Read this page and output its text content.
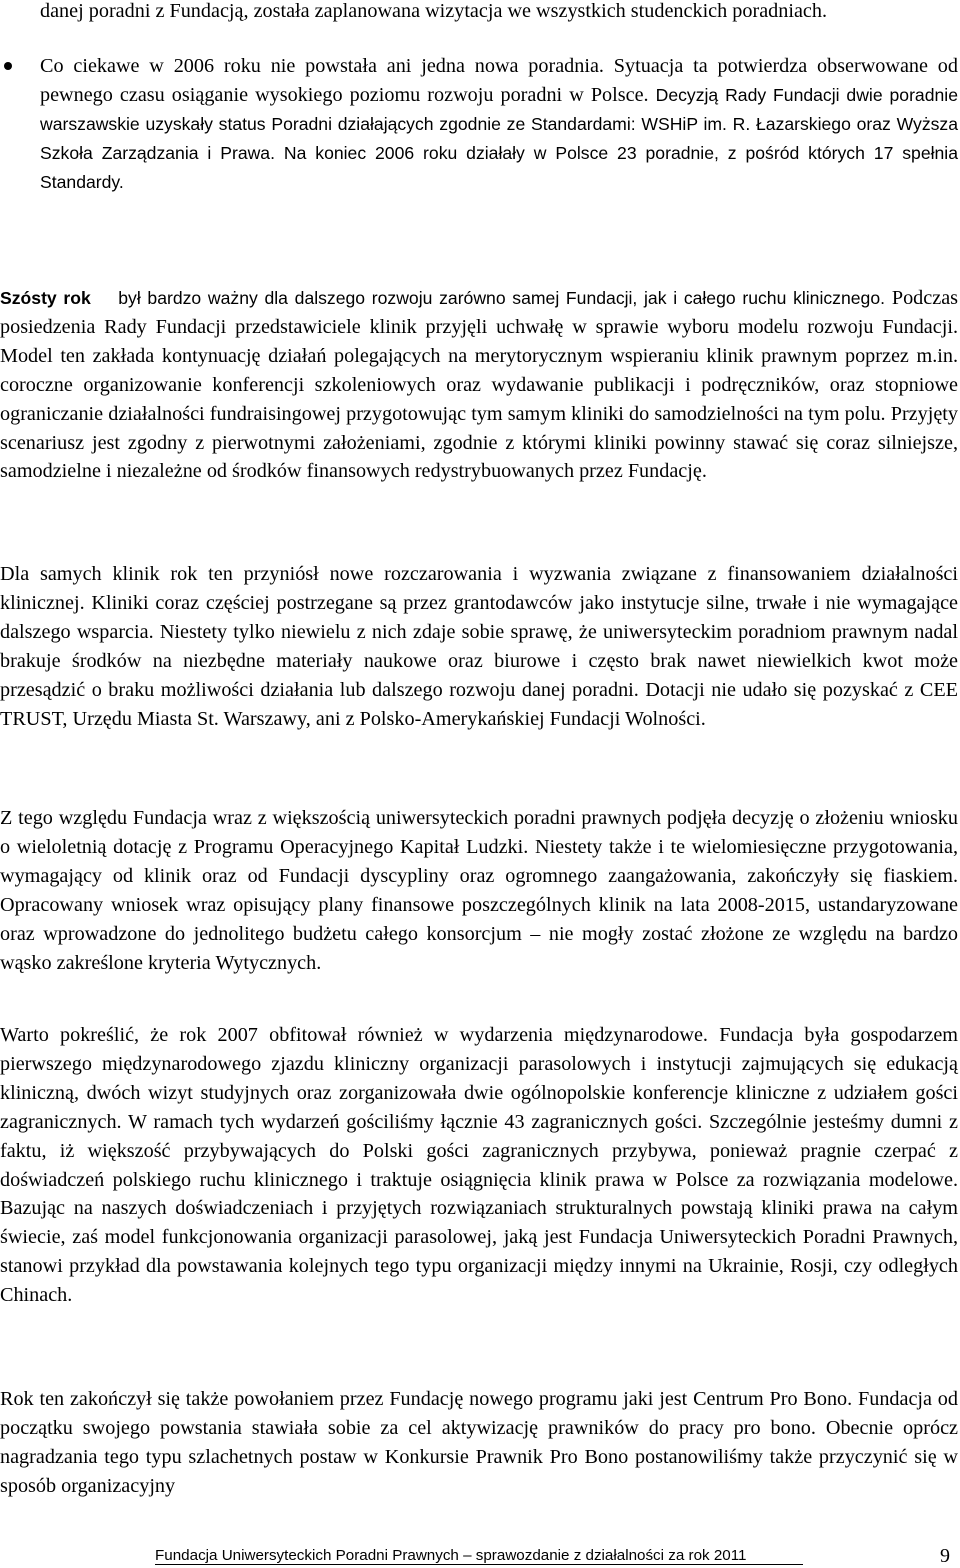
danej poradni z Fundacją, została zaplanowana wizytacja we wszystkich studenckich poradniach.

Co ciekawe w 2006 roku nie powstała ani jedna nowa poradnia. Sytuacja ta potwierdza obserwowane od pewnego czasu osiąganie wysokiego poziomu rozwoju poradni w Polsce. Decyzją Rady Fundacji dwie poradnie warszawskie uzyskały status Poradni działających zgodnie ze Standardami: WSHiP im. R. Łazarskiego oraz Wyższa Szkoła Zarządzania i Prawa. Na koniec 2006 roku działały w Polsce 23 poradnie, z pośród których 17 spełnia Standardy.

Szósty rok był bardzo ważny dla dalszego rozwoju zarówno samej Fundacji, jak i całego ruchu klinicznego. Podczas posiedzenia Rady Fundacji przedstawiciele klinik przyjęli uchwałę w sprawie wyboru modelu rozwoju Fundacji. Model ten zakłada kontynuację działań polegających na merytorycznym wspieraniu klinik prawnym poprzez m.in. coroczne organizowanie konferencji szkoleniowych oraz wydawanie publikacji i podręczników, oraz stopniowe ograniczanie działalności fundraisingowej przygotowując tym samym kliniki do samodzielności na tym polu. Przyjęty scenariusz jest zgodny z pierwotnymi założeniami, zgodnie z którymi kliniki powinny stawać się coraz silniejsze, samodzielne i niezależne od środków finansowych redystrybuowanych przez Fundację.

Dla samych klinik rok ten przyniósł nowe rozczarowania i wyzwania związane z finansowaniem działalności klinicznej. Kliniki coraz częściej postrzegane są przez grantodawców jako instytucje silne, trwałe i nie wymagające dalszego wsparcia. Niestety tylko niewielu z nich zdaje sobie sprawę, że uniwersyteckim poradniom prawnym nadal brakuje środków na niezbędne materiały naukowe oraz biurowe i często brak nawet niewielkich kwot może przesądzić o braku możliwości działania lub dalszego rozwoju danej poradni. Dotacji nie udało się pozyskać z CEE TRUST, Urzędu Miasta St. Warszawy, ani z Polsko-Amerykańskiej Fundacji Wolności.

Z tego względu Fundacja wraz z większością uniwersyteckich poradni prawnych podjęła decyzję o złożeniu wniosku o wieloletnią dotację z Programu Operacyjnego Kapitał Ludzki. Niestety także i te wielomiesięczne przygotowania, wymagający od klinik oraz od Fundacji dyscypliny oraz ogromnego zaangażowania, zakończyły się fiaskiem. Opracowany wniosek wraz opisujący plany finansowe poszczególnych klinik na lata 2008-2015, ustandaryzowane oraz wprowadzone do jednolitego budżetu całego konsorcjum – nie mogły zostać złożone ze względu na bardzo wąsko zakreślone kryteria Wytycznych.

Warto pokreślić, że rok 2007 obfitował również w wydarzenia międzynarodowe. Fundacja była gospodarzem pierwszego międzynarodowego zjazdu kliniczny organizacji parasolowych i instytucji zajmujących się edukacją kliniczną, dwóch wizyt studyjnych oraz zorganizowała dwie ogólnopolskie konferencje kliniczne z udziałem gości zagranicznych. W ramach tych wydarzeń gościliśmy łącznie 43 zagranicznych gości. Szczególnie jesteśmy dumni z faktu, iż większość przybywających do Polski gości zagranicznych przybywa, ponieważ pragnie czerpać z doświadczeń polskiego ruchu klinicznego i traktuje osiągnięcia klinik prawa w Polsce za rozwiązania modelowe. Bazując na naszych doświadczeniach i przyjętych rozwiązaniach strukturalnych powstają kliniki prawa na całym świecie, zaś model funkcjonowania organizacji parasolowej, jaką jest Fundacja Uniwersyteckich Poradni Prawnych, stanowi przykład dla powstawania kolejnych tego typu organizacji między innymi na Ukrainie, Rosji, czy odległych Chinach.

Rok ten zakończył się także powołaniem przez Fundację nowego programu jaki jest Centrum Pro Bono. Fundacja od początku swojego powstania stawiała sobie za cel aktywizację prawników do pracy pro bono. Obecnie oprócz nagradzania tego typu szlachetnych postaw w Konkursie Prawnik Pro Bono postanowiliśmy także przyczynić się w sposób organizacyjny

Fundacja Uniwersyteckich Poradni Prawnych – sprawozdanie z działalności za rok 2011	9
